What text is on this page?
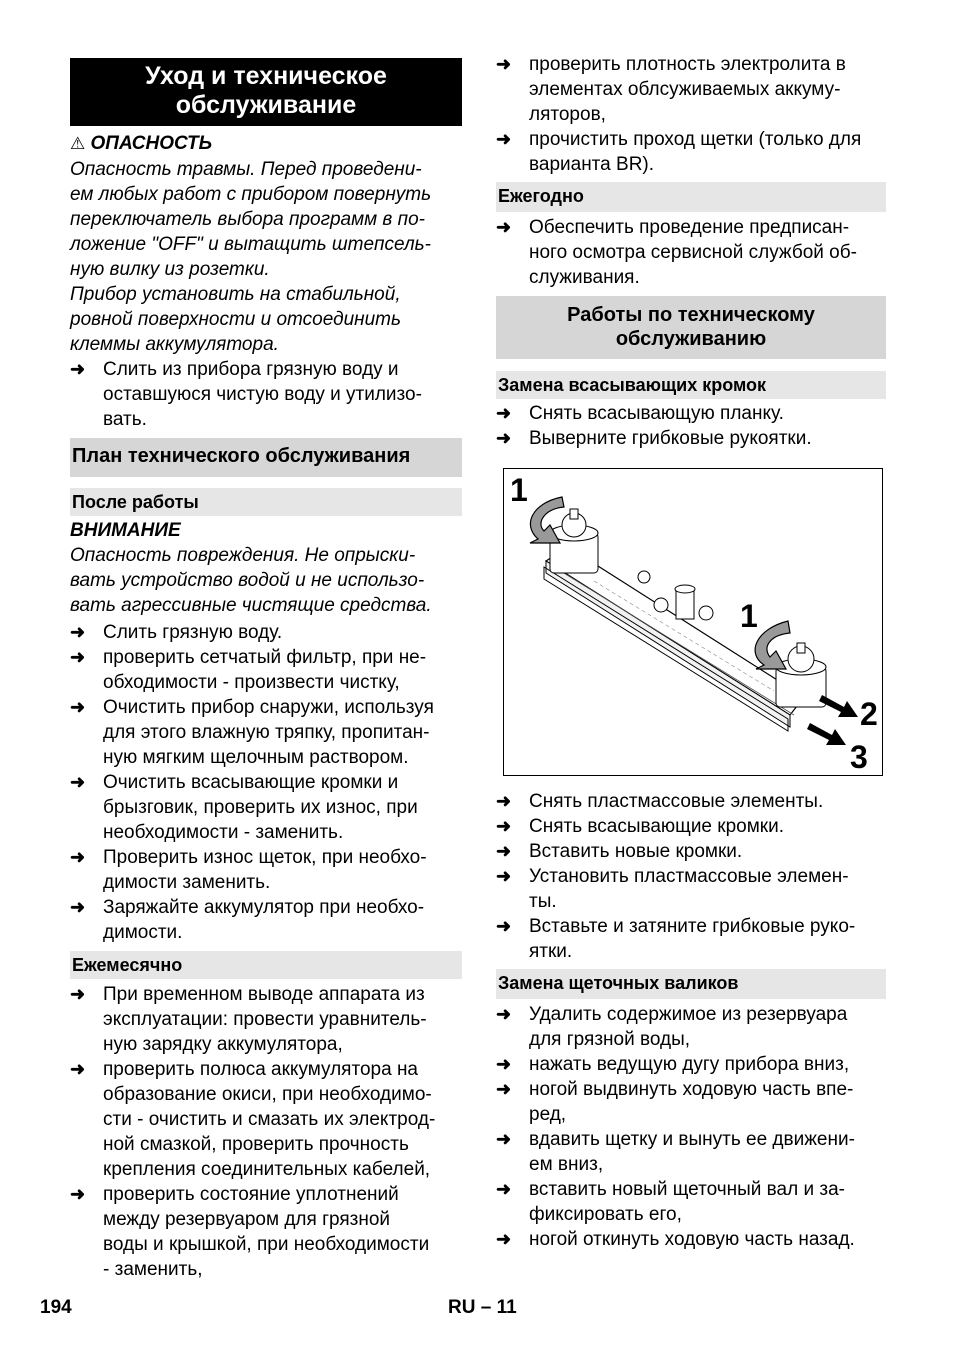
Уход и техническое
обслуживание
⚠ ОПАСНОСТЬ
Опасность травмы. Перед проведени-
ем любых работ с прибором повернуть
переключатель выбора программ в по-
ложение "OFF" и вытащить штепсель-
ную вилку из розетки.
Прибор установить на стабильной,
ровной поверхности и отсоединить
клеммы аккумулятора.
➜ Слить из прибора грязную воду и
оставшуюся чистую воду и утилизо-
вать.
План технического обслуживания
После работы
ВНИМАНИЕ
Опасность повреждения. Не опрыски-
вать устройство водой и не использо-
вать агрессивные чистящие средства.
➜ Слить грязную воду.
➜ проверить сетчатый фильтр, при не-
обходимости - произвести чистку,
➜ Очистить прибор снаружи, используя
для этого влажную тряпку, пропитан-
ную мягким щелочным раствором.
➜ Очистить всасывающие кромки и
брызговик, проверить их износ, при
необходимости - заменить.
➜ Проверить износ щеток, при необхо-
димости заменить.
➜ Заряжайте аккумулятор при необхо-
димости.
Ежемесячно
➜ При временном выводе аппарата из
эксплуатации: провести уравнитель-
ную зарядку аккумулятора,
➜ проверить полюса аккумулятора на
образование окиси, при необходимо-
сти - очистить и смазать их электрод-
ной смазкой, проверить прочность
крепления соединительных кабелей,
➜ проверить состояние уплотнений
между резервуаром для грязной
воды и крышкой, при необходимости
- заменить,
➜ проверить плотность электролита в
элементах облсуживаемых аккуму-
ляторов,
➜ прочистить проход щетки (только для
варианта BR).
Ежегодно
➜ Обеспечить проведение предписан-
ного осмотра сервисной службой об-
служивания.
Работы по техническому
обслуживанию
Замена всасывающих кромок
➜ Снять всасывающую планку.
➜ Выверните грибковые рукоятки.
1
1
2
3
➜ Снять пластмассовые элементы.
➜ Снять всасывающие кромки.
➜ Вставить новые кромки.
➜ Установить пластмассовые элемен-
ты.
➜ Вставьте и затяните грибковые руко-
ятки.
Замена щеточных валиков
➜ Удалить содержимое из резервуара
для грязной воды,
➜ нажать ведущую дугу прибора вниз,
➜ ногой выдвинуть ходовую часть впе-
ред,
➜ вдавить щетку и вынуть ее движени-
ем вниз,
➜ вставить новый щеточный вал и за-
фиксировать его,
➜ ногой откинуть ходовую часть назад.
194	RU – 11
